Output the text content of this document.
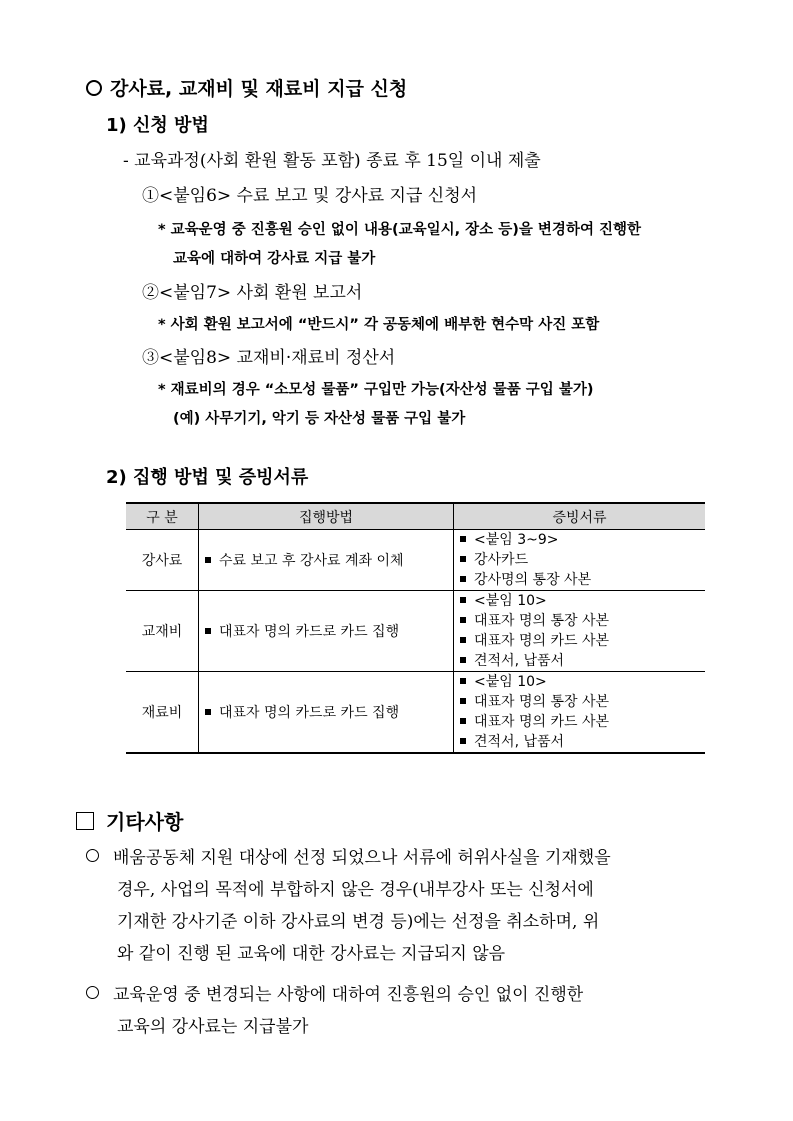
강사료, 교재비 및 재료비 지급 신청
1) 신청 방법
- 교육과정(사회 환원 활동 포함) 종료 후 15일 이내 제출
①<붙임6> 수료 보고 및 강사료 지급 신청서
* 교육운영 중 진흥원 승인 없이 내용(교육일시, 장소 등)을 변경하여 진행한
교육에 대하여 강사료 지급 불가
②<붙임7> 사회 환원 보고서
* 사회 환원 보고서에 “반드시” 각 공동체에 배부한 현수막 사진 포함
③<붙임8> 교재비·재료비 정산서
* 재료비의 경우 “소모성 물품” 구입만 가능(자산성 물품 구입 불가)
(예) 사무기기, 악기 등 자산성 물품 구입 불가
2) 집행 방법 및 증빙서류
구 분	집행방법	증빙서류
강사료	수료 보고 후 강사료 계좌 이체	<붙임 3~9>
강사카드
강사명의 통장 사본

교재비	대표자 명의 카드로 카드 집행	<붙임 10>
대표자 명의 통장 사본
대표자 명의 카드 사본
견적서, 납품서

재료비	대표자 명의 카드로 카드 집행	<붙임 10>
대표자 명의 통장 사본
대표자 명의 카드 사본
견적서, 납품서
기타사항
배움공동체 지원 대상에 선정 되었으나 서류에 허위사실을 기재했을
경우, 사업의 목적에 부합하지 않은 경우(내부강사 또는 신청서에
기재한 강사기준 이하 강사료의 변경 등)에는 선정을 취소하며, 위
와 같이 진행 된 교육에 대한 강사료는 지급되지 않음
교육운영 중 변경되는 사항에 대하여 진흥원의 승인 없이 진행한
교육의 강사료는 지급불가
